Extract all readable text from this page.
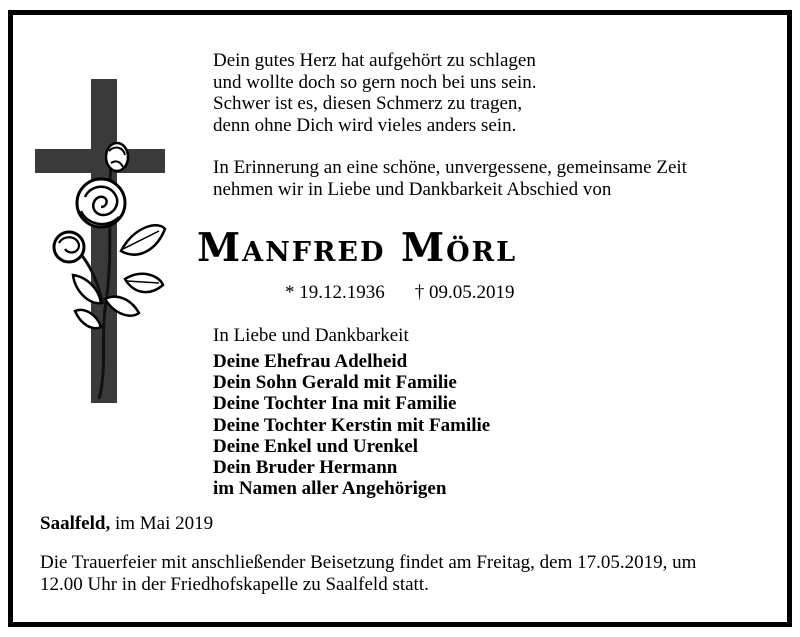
Dein gutes Herz hat aufgehört zu schlagen
und wollte doch so gern noch bei uns sein.
Schwer ist es, diesen Schmerz zu tragen,
denn ohne Dich wird vieles anders sein.
In Erinnerung an eine schöne, unvergessene, gemeinsame Zeit
nehmen wir in Liebe und Dankbarkeit Abschied von
Manfred Mörl
* 19.12.1936 † 09.05.2019
In Liebe und Dankbarkeit
Deine Ehefrau Adelheid
Dein Sohn Gerald mit Familie
Deine Tochter Ina mit Familie
Deine Tochter Kerstin mit Familie
Deine Enkel und Urenkel
Dein Bruder Hermann
im Namen aller Angehörigen
Saalfeld, im Mai 2019
Die Trauerfeier mit anschließender Beisetzung findet am Freitag, dem 17.05.2019, um
12.00 Uhr in der Friedhofskapelle zu Saalfeld statt.
